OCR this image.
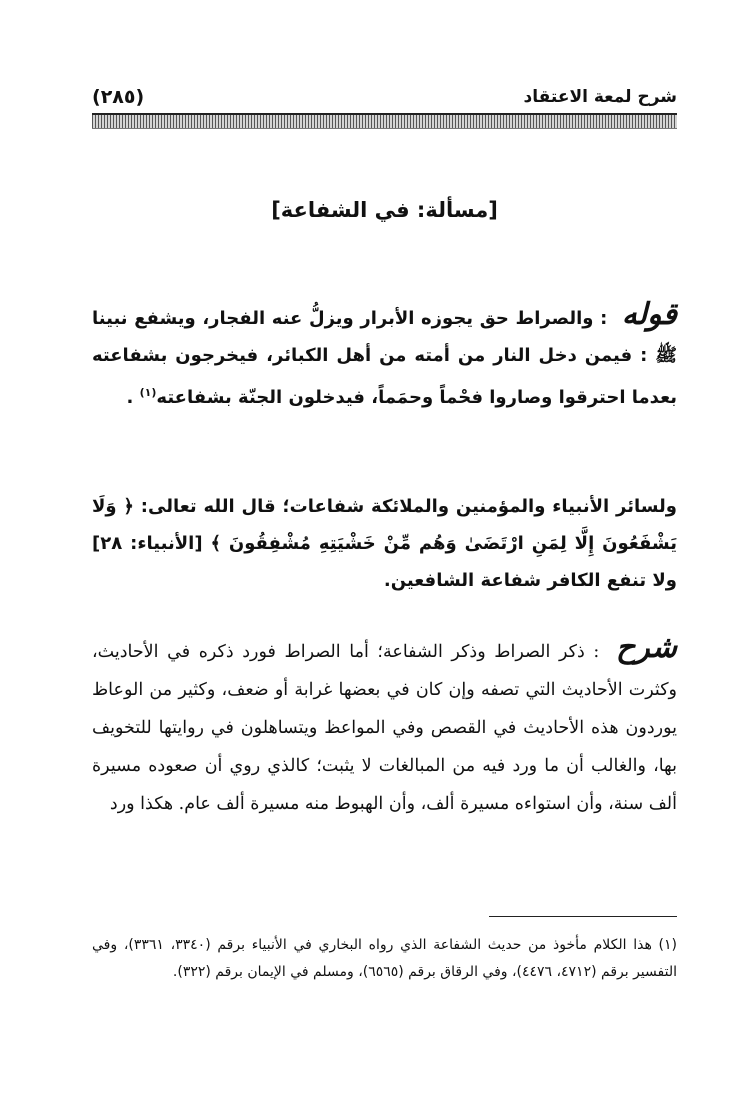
شرح لمعة الاعتقاد
(٢٨٥)
[مسألة: في الشفاعة]
قوله : والصراط حق يجوزه الأبرار ويزلُّ عنه الفجار، ويشفع نبينا ﷺ : فيمن دخل النار من أمته من أهل الكبائر، فيخرجون بشفاعته بعدما احترقوا وصاروا فحْماً وحمَماً، فيدخلون الجنّة بشفاعته$^{(١)}$ .
ولسائر الأنبياء والمؤمنين والملائكة شفاعات؛ قال الله تعالى: ﴿ وَلَا يَشْفَعُونَ إِلَّا لِمَنِ ارْتَضَىٰ وَهُم مِّنْ خَشْيَتِهِ مُشْفِقُونَ ﴾ [الأنبياء: ٢٨] ولا تنفع الكافر شفاعة الشافعين.
شرح : ذكر الصراط وذكر الشفاعة؛ أما الصراط فورد ذكره في الأحاديث، وكثرت الأحاديث التي تصفه وإن كان في بعضها غرابة أو ضعف، وكثير من الوعاظ يوردون هذه الأحاديث في القصص وفي المواعظ ويتساهلون في روايتها للتخويف بها، والغالب أن ما ورد فيه من المبالغات لا يثبت؛ كالذي روي أن صعوده مسيرة ألف سنة، وأن استواءه مسيرة ألف، وأن الهبوط منه مسيرة ألف عام. هكذا ورد
(١) هذا الكلام مأخوذ من حديث الشفاعة الذي رواه البخاري في الأنبياء برقم (٣٣٤٠، ٣٣٦١)، وفي التفسير برقم (٤٧١٢، ٤٤٧٦)، وفي الرقاق برقم (٦٥٦٥)، ومسلم في الإيمان برقم (٣٢٢).
